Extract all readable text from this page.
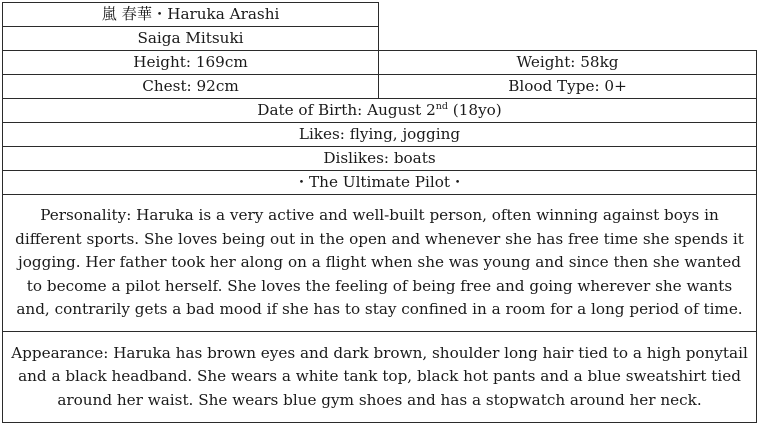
嵐 春華・Haruka Arashi	
Saiga Mitsuki	
Height: 169cm	Weight: 58kg
Chest: 92cm	Blood Type: 0+
Date of Birth: August 2nd (18yo)	
Likes: flying, jogging	
Dislikes: boats	
・The Ultimate Pilot・	
Personality: Haruka is a very active and well-built person, often winning against boys in different sports. She loves being out in the open and whenever she has free time she spends it jogging. Her father took her along on a flight when she was young and since then she wanted to become a pilot herself. She loves the feeling of being free and going wherever she wants and, contrarily gets a bad mood if she has to stay confined in a room for a long period of time.	
Appearance: Haruka has brown eyes and dark brown, shoulder long hair tied to a high ponytail and a black headband. She wears a white tank top, black hot pants and a blue sweatshirt tied around her waist. She wears blue gym shoes and has a stopwatch around her neck.	
